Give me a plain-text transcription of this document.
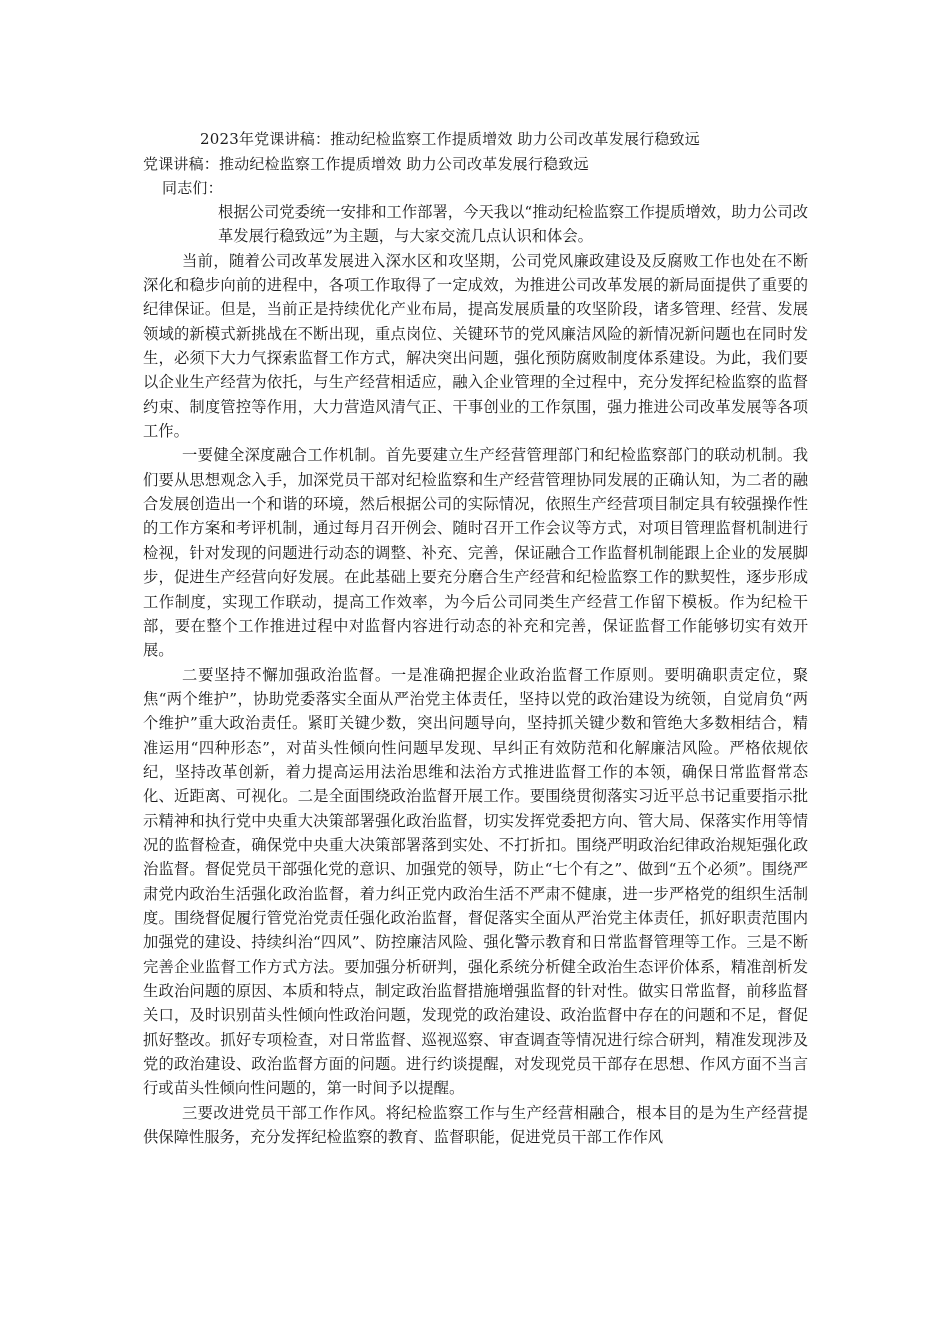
2023年党课讲稿：推动纪检监察工作提质增效 助力公司改革发展行稳致远
党课讲稿：推动纪检监察工作提质增效 助力公司改革发展行稳致远
同志们：

根据公司党委统一安排和工作部署，今天我以“推动纪检监察工作提质增效，助力公司改革发展行稳致远”为主题，与大家交流几点认识和体会。

当前，随着公司改革发展进入深水区和攻坚期，公司党风廉政建设及反腐败工作也处在不断深化和稳步向前的进程中，各项工作取得了一定成效，为推进公司改革发展的新局面提供了重要的纪律保证。但是，当前正是持续优化产业布局，提高发展质量的攻坚阶段，诸多管理、经营、发展领域的新模式新挑战在不断出现，重点岗位、关键环节的党风廉洁风险的新情况新问题也在同时发生，必须下大力气探索监督工作方式，解决突出问题，强化预防腐败制度体系建设。为此，我们要以企业生产经营为依托，与生产经营相适应，融入企业管理的全过程中，充分发挥纪检监察的监督约束、制度管控等作用，大力营造风清气正、干事创业的工作氛围，强力推进公司改革发展等各项工作。

一要健全深度融合工作机制。首先要建立生产经营管理部门和纪检监察部门的联动机制。我们要从思想观念入手，加深党员干部对纪检监察和生产经营管理协同发展的正确认知，为二者的融合发展创造出一个和谐的环境，然后根据公司的实际情况，依照生产经营项目制定具有较强操作性的工作方案和考评机制，通过每月召开例会、随时召开工作会议等方式，对项目管理监督机制进行检视，针对发现的问题进行动态的调整、补充、完善，保证融合工作监督机制能跟上企业的发展脚步，促进生产经营向好发展。在此基础上要充分磨合生产经营和纪检监察工作的默契性，逐步形成工作制度，实现工作联动，提高工作效率，为今后公司同类生产经营工作留下模板。作为纪检干部，要在整个工作推进过程中对监督内容进行动态的补充和完善，保证监督工作能够切实有效开展。

二要坚持不懈加强政治监督。一是准确把握企业政治监督工作原则。要明确职责定位，聚焦“两个维护”，协助党委落实全面从严治党主体责任，坚持以党的政治建设为统领，自觉肩负“两个维护”重大政治责任。紧盯关键少数，突出问题导向，坚持抓关键少数和管绝大多数相结合，精准运用“四种形态”，对苗头性倾向性问题早发现、早纠正有效防范和化解廉洁风险。严格依规依纪，坚持改革创新，着力提高运用法治思维和法治方式推进监督工作的本领，确保日常监督常态化、近距离、可视化。二是全面围绕政治监督开展工作。要围绕贯彻落实习近平总书记重要指示批示精神和执行党中央重大决策部署强化政治监督，切实发挥党委把方向、管大局、保落实作用等情况的监督检查，确保党中央重大决策部署落到实处、不打折扣。围绕严明政治纪律政治规矩强化政治监督。督促党员干部强化党的意识、加强党的领导，防止“七个有之”、做到“五个必须”。围绕严肃党内政治生活强化政治监督，着力纠正党内政治生活不严肃不健康，进一步严格党的组织生活制度。围绕督促履行管党治党责任强化政治监督，督促落实全面从严治党主体责任，抓好职责范围内加强党的建设、持续纠治“四风”、防控廉洁风险、强化警示教育和日常监督管理等工作。三是不断完善企业监督工作方式方法。要加强分析研判，强化系统分析健全政治生态评价体系，精准剖析发生政治问题的原因、本质和特点，制定政治监督措施增强监督的针对性。做实日常监督，前移监督关口，及时识别苗头性倾向性政治问题，发现党的政治建设、政治监督中存在的问题和不足，督促抓好整改。抓好专项检查，对日常监督、巡视巡察、审查调查等情况进行综合研判，精准发现涉及党的政治建设、政治监督方面的问题。进行约谈提醒，对发现党员干部存在思想、作风方面不当言行或苗头性倾向性问题的，第一时间予以提醒。

三要改进党员干部工作作风。将纪检监察工作与生产经营相融合，根本目的是为生产经营提供保障性服务，充分发挥纪检监察的教育、监督职能，促进党员干部工作作风
